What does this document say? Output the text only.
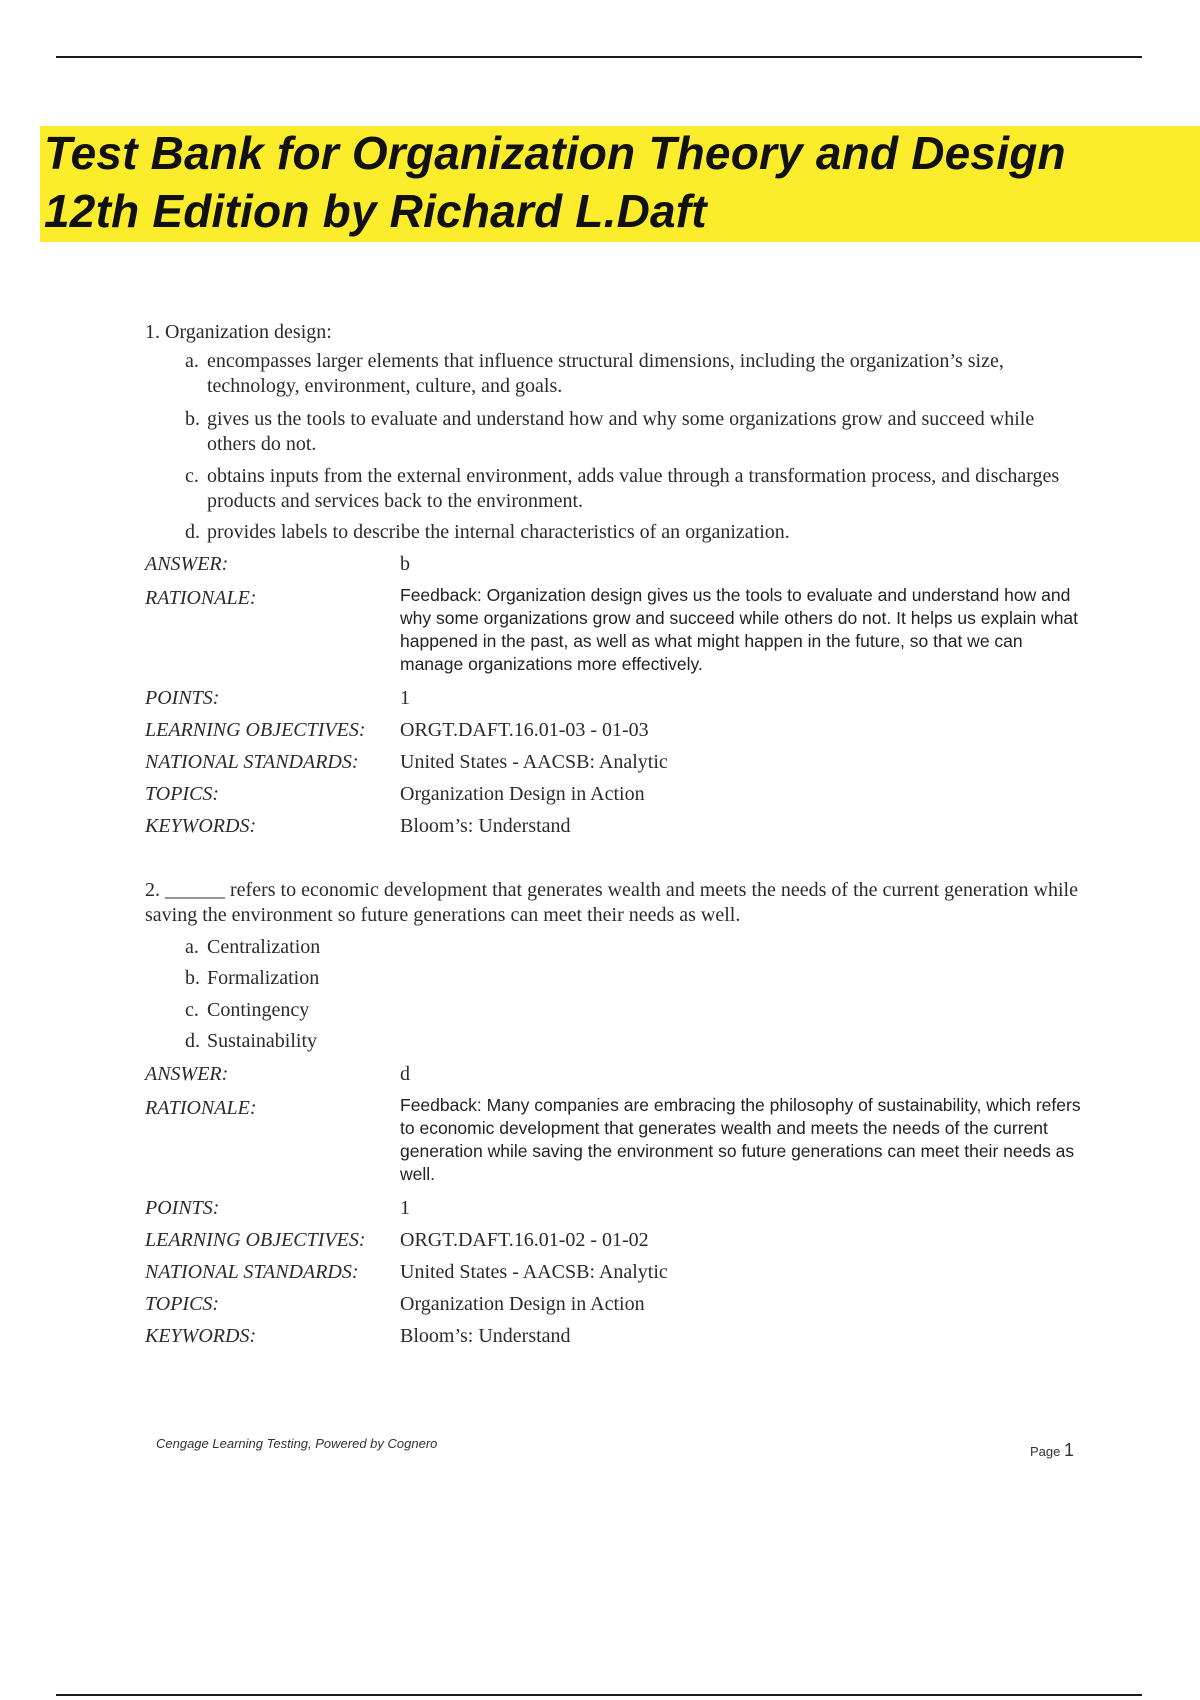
Test Bank for Organization Theory and Design
12th Edition by Richard L.Daft
1. Organization design:
a. encompasses larger elements that influence structural dimensions, including the organization’s size, technology, environment, culture, and goals.
b. gives us the tools to evaluate and understand how and why some organizations grow and succeed while others do not.
c. obtains inputs from the external environment, adds value through a transformation process, and discharges products and services back to the environment.
d. provides labels to describe the internal characteristics of an organization.
ANSWER:	b
RATIONALE:	Feedback: Organization design gives us the tools to evaluate and understand how and why some organizations grow and succeed while others do not. It helps us explain what happened in the past, as well as what might happen in the future, so that we can manage organizations more effectively.
POINTS:	1
LEARNING OBJECTIVES:	ORGT.DAFT.16.01-03 - 01-03
NATIONAL STANDARDS:	United States - AACSB: Analytic
TOPICS:	Organization Design in Action
KEYWORDS:	Bloom’s: Understand
2. ______ refers to economic development that generates wealth and meets the needs of the current generation while saving the environment so future generations can meet their needs as well.
a. Centralization
b. Formalization
c. Contingency
d. Sustainability
ANSWER:	d
RATIONALE:	Feedback: Many companies are embracing the philosophy of sustainability, which refers to economic development that generates wealth and meets the needs of the current generation while saving the environment so future generations can meet their needs as well.
POINTS:	1
LEARNING OBJECTIVES:	ORGT.DAFT.16.01-02 - 01-02
NATIONAL STANDARDS:	United States - AACSB: Analytic
TOPICS:	Organization Design in Action
KEYWORDS:	Bloom’s: Understand
Cengage Learning Testing, Powered by Cognero
Page 1
